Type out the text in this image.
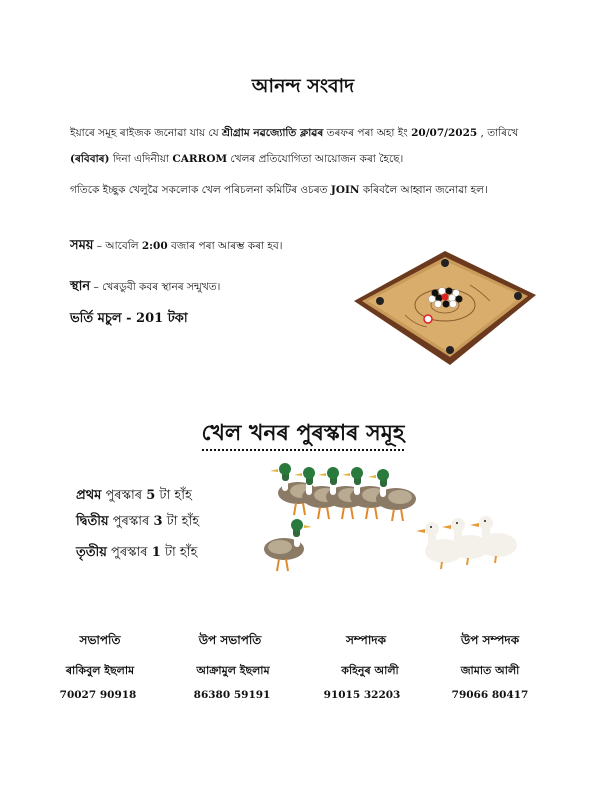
আনন্দ সংবাদ
ইয়াৰে সমূহ ৰাইজক জনোৱা যায় যে শ্ৰীগ্ৰাম নৱজ্যোতি ক্লাৱৰ তৰফৰ পৰা অহা ইং 20/07/2025 , তাৰিখে
(ৰবিবাৰ) দিনা এদিনীয়া CARROM খেলৰ প্ৰতিযোগিতা আয়োজন কৰা হৈছে।
গতিকে ইচ্ছুক খেলুৱৈ সকলোক খেল পৰিচলনা কমিটিৰ ওচৰত JOIN কৰিবলৈ আহ্বান জনোৱা হল।
সময় – আবেলি 2:00 বজাৰ পৰা আৰম্ভ কৰা হব।
স্থান – খেৰডুবী কবৰ স্থানৰ সন্মুখত।
ভৰ্তি মচুল - 201 টকা
খেল খনৰ পুৰস্কাৰ সমূহ
প্ৰথম পুৰস্কাৰ 5 টা হাঁহ
দ্বিতীয় পুৰস্কাৰ 3 টা হাঁহ
তৃতীয় পুৰস্কাৰ 1 টা হাঁহ
সভাপতি	উপ সভাপতি	সম্পাদক	উপ সম্পদক
ৰাকিবুল ইছলাম	আক্ৰামুল ইছলাম	কহিনুৰ আলী	জামাত আলী
70027 90918	86380 59191	91015 32203	79066 80417
